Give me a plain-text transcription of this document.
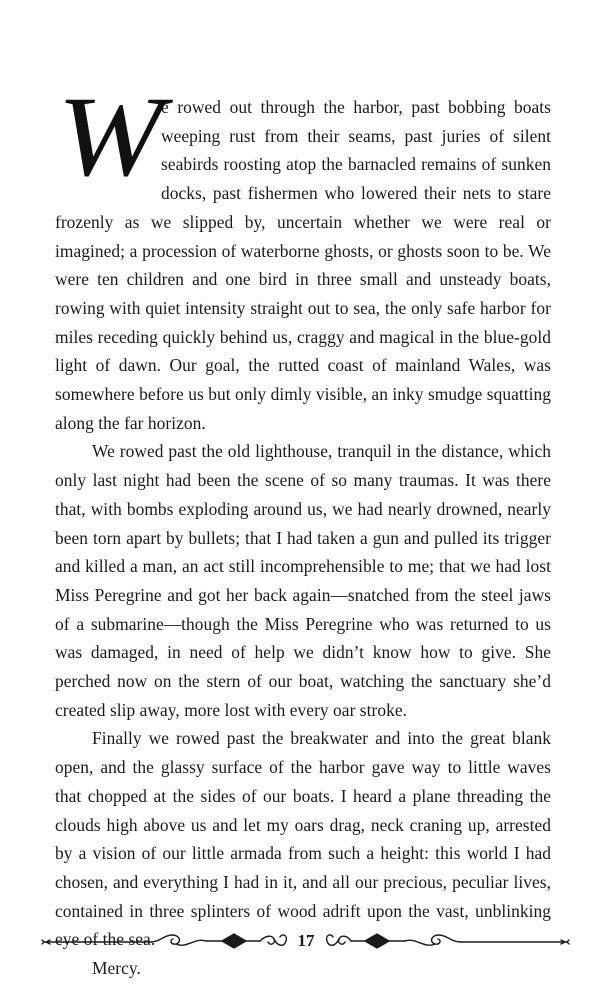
W
e rowed out through the harbor, past bobbing boats weeping rust from their seams, past juries of silent seabirds roosting atop the barnacled remains of sunken docks, past fishermen who lowered their nets to stare frozenly as we slipped by, uncertain whether we were real or imagined; a procession of waterborne ghosts, or ghosts soon to be. We were ten children and one bird in three small and unsteady boats, rowing with quiet intensity straight out to sea, the only safe harbor for miles receding quickly behind us, craggy and magical in the blue-gold light of dawn. Our goal, the rutted coast of mainland Wales, was somewhere before us but only dimly visible, an inky smudge squatting along the far horizon.

We rowed past the old lighthouse, tranquil in the distance, which only last night had been the scene of so many traumas. It was there that, with bombs exploding around us, we had nearly drowned, nearly been torn apart by bullets; that I had taken a gun and pulled its trigger and killed a man, an act still incomprehensible to me; that we had lost Miss Peregrine and got her back again—snatched from the steel jaws of a submarine—though the Miss Peregrine who was returned to us was damaged, in need of help we didn’t know how to give. She perched now on the stern of our boat, watching the sanctuary she’d created slip away, more lost with every oar stroke.

Finally we rowed past the breakwater and into the great blank open, and the glassy surface of the harbor gave way to little waves that chopped at the sides of our boats. I heard a plane threading the clouds high above us and let my oars drag, neck craning up, arrested by a vision of our little armada from such a height: this world I had chosen, and everything I had in it, and all our precious, peculiar lives, contained in three splinters of wood adrift upon the vast, unblinking eye of the sea.

Mercy.

17
